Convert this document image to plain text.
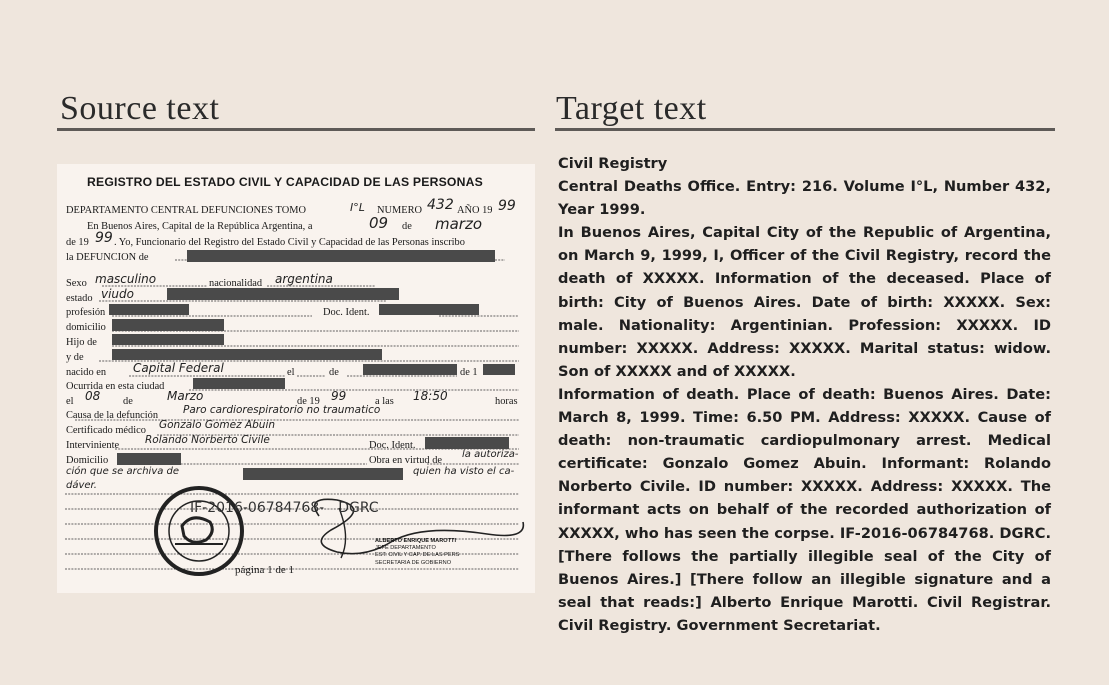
Source text	Target text
REGISTRO DEL ESTADO CIVIL Y CAPACIDAD DE LAS PERSONAS
DEPARTAMENTO CENTRAL DEFUNCIONES TOMO	I°L NUMERO 432 AÑO 19 99
En Buenos Aires, Capital de la República Argentina, a	09 de marzo
de 19 99 . Yo, Funcionario del Registro del Estado Civil y Capacidad de las Personas inscribo
la DEFUNCION de
Sexo masculino	nacionalidad argentina
estado viudo
profesión	Doc. Ident.
domicilio
Hijo de
y de
nacido en Capital Federal	el	de	de 1
Ocurrida en esta ciudad
el 08 de	Marzo	de 19 99	a las 18:50	horas
Causa de la defunción Paro cardiorespiratorio no traumatico
Certificado médico Gonzalo Gomez Abuin
Interviniente Rolando Norberto Civile	Doc. Ident.
Domicilio	Obra en virtud de
la autoriza-
ción que se archiva de	quien ha visto el ca-
dáver.
IF-2016-06784768- DGRC
ALBERTO ENRIQUE MAROTTI
JEFE DEPARTAMENTO
EST. CIVIL Y CAP. DE LAS PERS
SECRETARIA DE GOBIERNO
página 1 de 1

Civil Registry

Central Deaths Office. Entry: 216. Volume I°L, Number 432, Year 1999.

In Buenos Aires, Capital City of the Republic of Argentina, on March 9, 1999, I, Officer of the Civil Registry, record the death of XXXXX. Information of the deceased. Place of birth: City of Buenos Aires. Date of birth: XXXXX. Sex: male. Nationality: Argentinian. Profession: XXXXX. ID number: XXXXX. Address: XXXXX. Marital status: widow. Son of XXXXX and of XXXXX.

Information of death. Place of death: Buenos Aires. Date: March 8, 1999. Time: 6.50 PM. Address: XXXXX. Cause of death: non-traumatic cardiopulmonary arrest. Medical certificate: Gonzalo Gomez Abuin. Informant: Rolando Norberto Civile. ID number: XXXXX. Address: XXXXX. The informant acts on behalf of the recorded authorization of XXXXX, who has seen the corpse. IF-2016-06784768. DGRC. [There follows the partially illegible seal of the City of Buenos Aires.] [There follow an illegible signature and a seal that reads:] Alberto Enrique Marotti. Civil Registrar. Civil Registry. Government Secretariat.
